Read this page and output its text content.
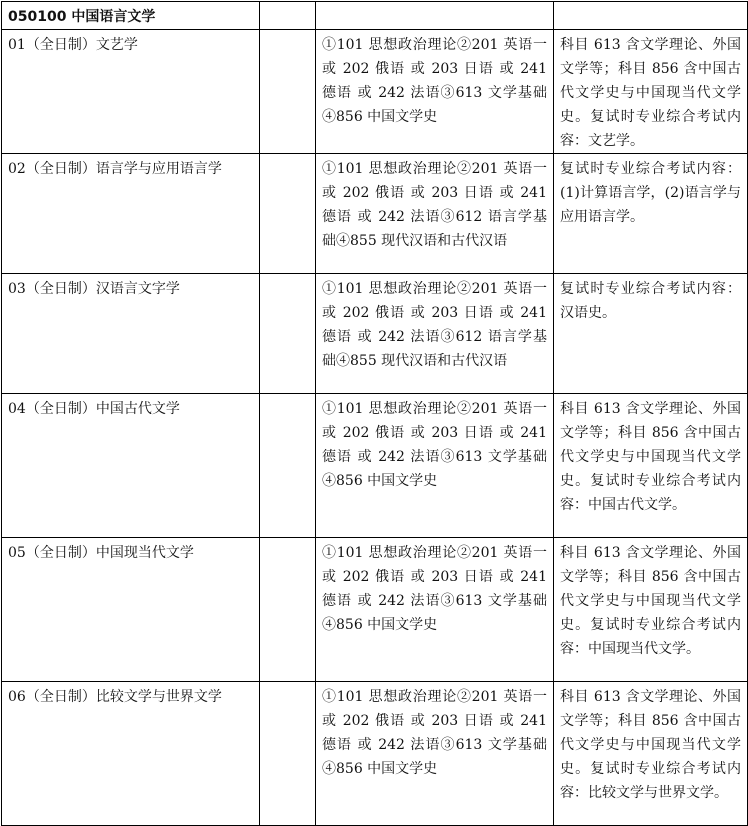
050100 中国语言文学			
01（全日制）文艺学		①101 思想政治理论②201 英语一 或 202 俄语 或 203 日语 或 241 德语 或 242 法语③613 文学基础④856 中国文学史	科目 613 含文学理论、外国文学等；科目 856 含中国古代文学史与中国现当代文学史。复试时专业综合考试内容：文艺学。
02（全日制）语言学与应用语言学		①101 思想政治理论②201 英语一 或 202 俄语 或 203 日语 或 241 德语 或 242 法语③612 语言学基础④855 现代汉语和古代汉语	复试时专业综合考试内容：(1)计算语言学，(2)语言学与应用语言学。
03（全日制）汉语言文字学		①101 思想政治理论②201 英语一 或 202 俄语 或 203 日语 或 241 德语 或 242 法语③612 语言学基础④855 现代汉语和古代汉语	复试时专业综合考试内容：汉语史。
04（全日制）中国古代文学		①101 思想政治理论②201 英语一 或 202 俄语 或 203 日语 或 241 德语 或 242 法语③613 文学基础④856 中国文学史	科目 613 含文学理论、外国文学等；科目 856 含中国古代文学史与中国现当代文学史。复试时专业综合考试内容：中国古代文学。
05（全日制）中国现当代文学		①101 思想政治理论②201 英语一 或 202 俄语 或 203 日语 或 241 德语 或 242 法语③613 文学基础④856 中国文学史	科目 613 含文学理论、外国文学等；科目 856 含中国古代文学史与中国现当代文学史。复试时专业综合考试内容：中国现当代文学。
06（全日制）比较文学与世界文学		①101 思想政治理论②201 英语一 或 202 俄语 或 203 日语 或 241 德语 或 242 法语③613 文学基础④856 中国文学史	科目 613 含文学理论、外国文学等；科目 856 含中国古代文学史与中国现当代文学史。复试时专业综合考试内容：比较文学与世界文学。
